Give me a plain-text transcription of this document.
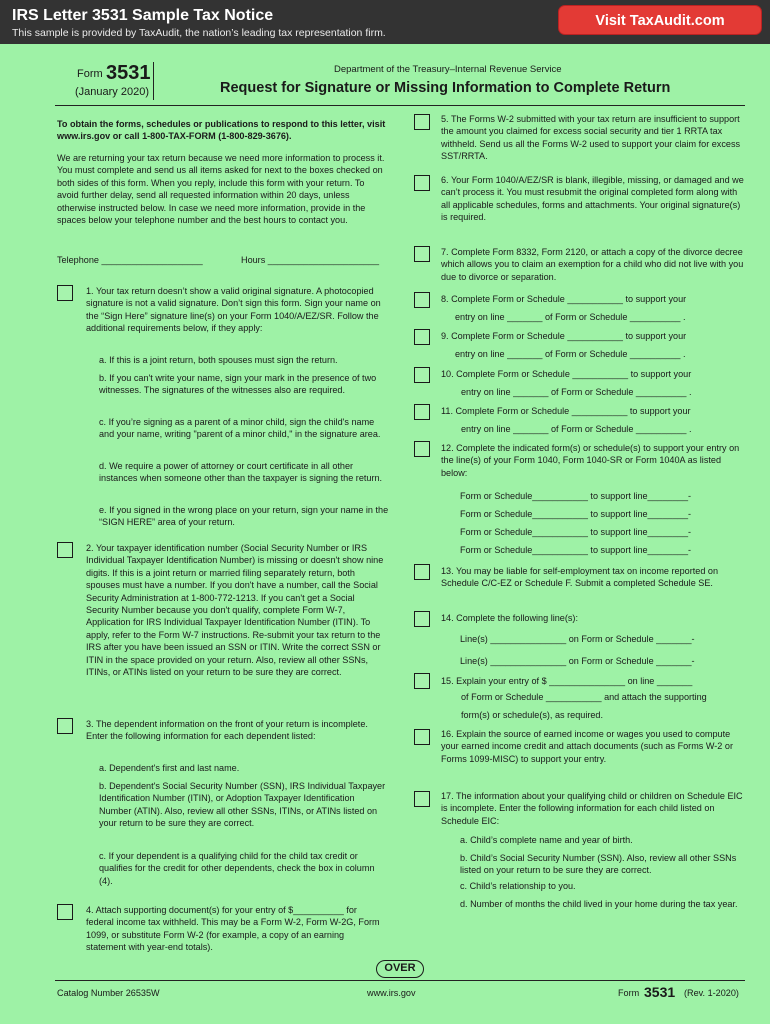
IRS Letter 3531 Sample Tax Notice
This sample is provided by TaxAudit, the nation’s leading tax representation firm.
Visit TaxAudit.com
Form 3531
(January 2020)
Department of the Treasury–Internal Revenue Service
Request for Signature or Missing Information to Complete Return
To obtain the forms, schedules or publications to respond to this letter, visit www.irs.gov or call 1-800-TAX-FORM (1-800-829-3676).
We are returning your tax return because we need more information to process it. You must complete and send us all items asked for next to the boxes checked on both sides of this form. When you reply, include this form with your return. To avoid further delay, send all requested information within 20 days, unless otherwise instructed below. In case we need more information, provide in the spaces below your telephone number and the best hours to contact you.
Telephone ____________________	Hours ______________________
1. Your tax return doesn’t show a valid original signature. A photocopied signature is not a valid signature. Don’t sign this form. Sign your name on the “Sign Here” signature line(s) on your Form 1040/A/EZ/SR. Follow the additional requirements below, if they apply:
a. If this is a joint return, both spouses must sign the return.
b. If you can't write your name, sign your mark in the presence of two witnesses. The signatures of the witnesses also are required.
c. If you’re signing as a parent of a minor child, sign the child's name and your name, writing "parent of a minor child," in the signature area.
d. We require a power of attorney or court certificate in all other instances when someone other than the taxpayer is signing the return.
e. If you signed in the wrong place on your return, sign your name in the “SIGN HERE” area of your return.
2. Your taxpayer identification number (Social Security Number or IRS Individual Taxpayer Identification Number) is missing or doesn't show nine digits. If this is a joint return or married filing separately return, both spouses must have a number. If you don't have a number, call the Social Security Administration at 1-800-772-1213. If you can't get a Social Security Number because you don't qualify, complete Form W-7, Application for IRS Individual Taxpayer Identification Number (ITIN). To apply, refer to the Form W-7 instructions. Re-submit your tax return to the IRS after you have been issued an SSN or ITIN. Write the correct SSN or ITIN in the space provided on your return. Also, review all other SSNs, ITINs, or ATINs listed on your return to be sure they are correct.
3. The dependent information on the front of your return is incomplete. Enter the following information for each dependent listed:
a. Dependent's first and last name.
b. Dependent's Social Security Number (SSN), IRS Individual Taxpayer Identification Number (ITIN), or Adoption Taxpayer Identification Number (ATIN). Also, review all other SSNs, ITINs, or ATINs listed on your return to be sure they are correct.
c. If your dependent is a qualifying child for the child tax credit or qualifies for the credit for other dependents, check the box in column (4).
4. Attach supporting document(s) for your entry of $__________ for federal income tax withheld. This may be a Form W-2, Form W-2G, Form 1099, or substitute Form W-2 (for example, a copy of an earning statement with year-end totals).
5. The Forms W-2 submitted with your tax return are insufficient to support the amount you claimed for excess social security and tier 1 RRTA tax withheld. Send us all the Forms W-2 used to support your claim for excess SST/RRTA.
6. Your Form 1040/A/EZ/SR is blank, illegible, missing, or damaged and we can’t process it. You must resubmit the original completed form along with all applicable schedules, forms and attachments. Your original signature(s) is required.
7. Complete Form 8332, Form 2120, or attach a copy of the divorce decree which allows you to claim an exemption for a child who did not live with you due to divorce or separation.
8. Complete Form or Schedule ___________ to support your
entry on line _______ of Form or Schedule __________ .
9. Complete Form or Schedule ___________ to support your
entry on line _______ of Form or Schedule __________ .
10. Complete Form or Schedule ___________ to support your
entry on line _______ of Form or Schedule __________ .
11. Complete Form or Schedule ___________ to support your
entry on line _______ of Form or Schedule __________ .
12. Complete the indicated form(s) or schedule(s) to support your entry on the line(s) of your Form 1040, Form 1040-SR or Form 1040A as listed below:
Form or Schedule___________ to support line________-
Form or Schedule___________ to support line________-
Form or Schedule___________ to support line________-
Form or Schedule___________ to support line________-
13. You may be liable for self-employment tax on income reported on Schedule C/C-EZ or Schedule F. Submit a completed Schedule SE.
14. Complete the following line(s):
Line(s) _______________ on Form or Schedule _______-
Line(s) _______________ on Form or Schedule _______-
15. Explain your entry of $ _______________ on line _______
of Form or Schedule ___________ and attach the supporting
form(s) or schedule(s), as required.
16. Explain the source of earned income or wages you used to compute your earned income credit and attach documents (such as Forms W-2 or Forms 1099-MISC) to support your entry.
17. The information about your qualifying child or children on Schedule EIC is incomplete. Enter the following information for each child listed on Schedule EIC:
a. Child’s complete name and year of birth.
b. Child’s Social Security Number (SSN). Also, review all other SSNs listed on your return to be sure they are correct.
c. Child’s relationship to you.
d. Number of months the child lived in your home during the tax year.
OVER
Catalog Number 26535W	www.irs.gov	Form 3531 (Rev. 1-2020)
